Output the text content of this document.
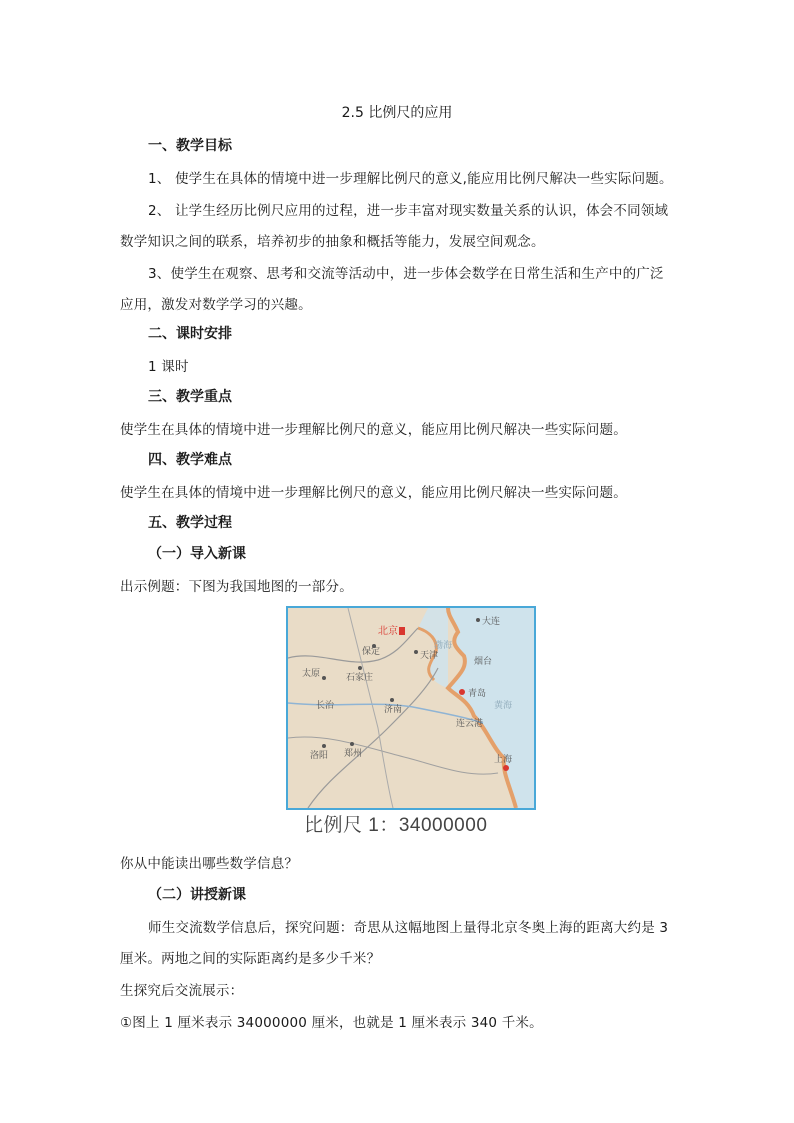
2.5 比例尺的应用
一、教学目标
1、 使学生在具体的情境中进一步理解比例尺的意义,能应用比例尺解决一些实际问题。
2、 让学生经历比例尺应用的过程，进一步丰富对现实数量关系的认识，体会不同领域
数学知识之间的联系，培养初步的抽象和概括等能力，发展空间观念。
3、使学生在观察、思考和交流等活动中，进一步体会数学在日常生活和生产中的广泛
应用，激发对数学学习的兴趣。
二、课时安排
1 课时
三、教学重点
使学生在具体的情境中进一步理解比例尺的意义，能应用比例尺解决一些实际问题。
四、教学难点
使学生在具体的情境中进一步理解比例尺的意义，能应用比例尺解决一些实际问题。
五、教学过程
（一）导入新课
出示例题：下图为我国地图的一部分。
北京
天津
石家庄
太原
保定
大连
青岛
济南
洛阳 郑州
上海
连云港
烟台
长治	黄海
渤海
比例尺 1：34000000
你从中能读出哪些数学信息？
（二）讲授新课
师生交流数学信息后，探究问题：奇思从这幅地图上量得北京冬奥上海的距离大约是 3
厘米。两地之间的实际距离约是多少千米？
生探究后交流展示：
①图上 1 厘米表示 34000000 厘米，也就是 1 厘米表示 340 千米。
